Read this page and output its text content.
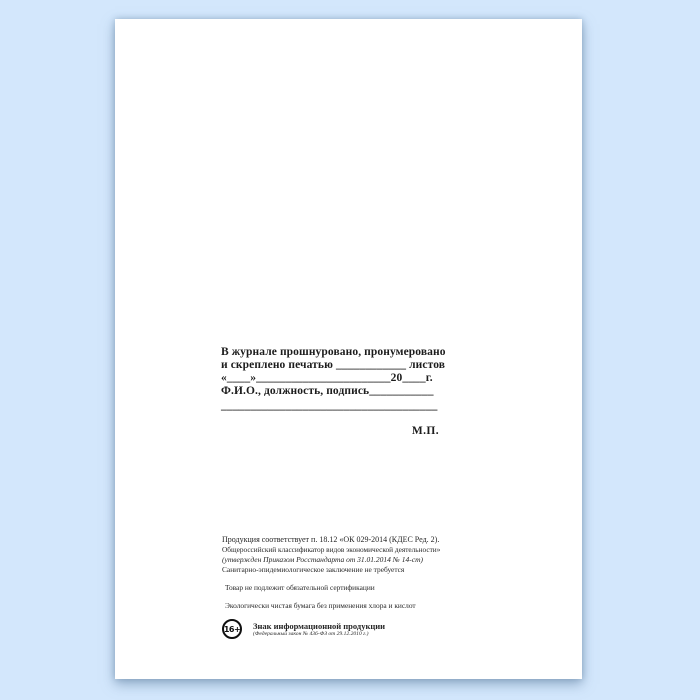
В журнале прошнуровано, пронумеровано

и скреплено печатью ____________ листов

«____»_______________________20____г.

Ф.И.О., должность, подпись___________

_____________________________________

М.П.

Продукция соответствует п. 18.12 «ОК 029-2014 (КДЕС Ред. 2).

Общероссийский классификатор видов экономической деятельности»

(утвержден Приказом Росстандарта от 31.01.2014 № 14-ст)

Санитарно-эпидемиологическое заключение не требуется

Товар не подлежит обязательной сертификации

Экологически чистая бумага без применения хлора и кислот

16+ Знак информационной продукции

(Федеральный закон № 436-ФЗ от 29.12.2010 г.)
